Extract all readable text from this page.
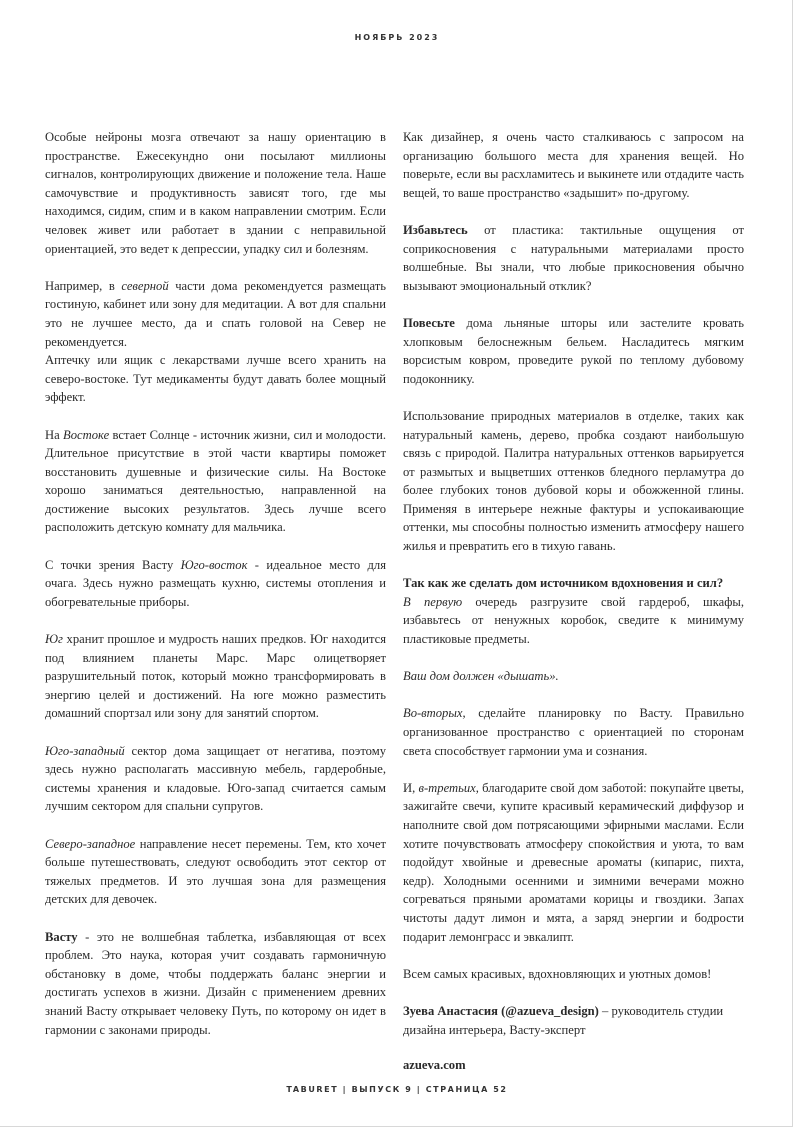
НОЯБРЬ 2023

Особые нейроны мозга отвечают за нашу ориентацию в пространстве. Ежесекундно они посылают миллионы сигналов, контролирующих движение и положение тела. Наше самочувствие и продуктивность зависят того, где мы находимся, сидим, спим и в каком направлении смотрим. Если человек живет или работает в здании с неправильной ориентацией, это ведет к депрессии, упадку сил и болезням.

Например, в северной части дома рекомендуется размещать гостиную, кабинет или зону для медитации. А вот для спальни это не лучшее место, да и спать головой на Север не рекомендуется.

Аптечку или ящик с лекарствами лучше всего хранить на северо-востоке. Тут медикаменты будут давать более мощный эффект.

На Востоке встает Солнце - источник жизни, сил и молодости. Длительное присутствие в этой части квартиры поможет восстановить душевные и физические силы. На Востоке хорошо заниматься деятельностью, направленной на достижение высоких результатов. Здесь лучше всего расположить детскую комнату для мальчика.

С точки зрения Васту Юго-восток - идеальное место для очага. Здесь нужно размещать кухню, системы отопления и обогревательные приборы.

Юг хранит прошлое и мудрость наших предков. Юг находится под влиянием планеты Марс. Марс олицетворяет разрушительный поток, который можно трансформировать в энергию целей и достижений. На юге можно разместить домашний спортзал или зону для занятий спортом.

Юго-западный сектор дома защищает от негатива, поэтому здесь нужно располагать массивную мебель, гардеробные, системы хранения и кладовые. Юго-запад считается самым лучшим сектором для спальни супругов.

Северо-западное направление несет перемены. Тем, кто хочет больше путешествовать, следуют освободить этот сектор от тяжелых предметов. И это лучшая зона для размещения детских для девочек.

Васту - это не волшебная таблетка, избавляющая от всех проблем. Это наука, которая учит создавать гармоничную обстановку в доме, чтобы поддержать баланс энергии и достигать успехов в жизни. Дизайн с применением древних знаний Васту открывает человеку Путь, по которому он идет в гармонии с законами природы.

Как дизайнер, я очень часто сталкиваюсь с запросом на организацию большого места для хранения вещей. Но поверьте, если вы расхламитесь и выкинете или отдадите часть вещей, то ваше пространство «задышит» по-другому.

Избавьтесь от пластика: тактильные ощущения от соприкосновения с натуральными материалами просто волшебные. Вы знали, что любые прикосновения обычно вызывают эмоциональный отклик?

Повесьте дома льняные шторы или застелите кровать хлопковым белоснежным бельем. Насладитесь мягким ворсистым ковром, проведите рукой по теплому дубовому подоконнику.

Использование природных материалов в отделке, таких как натуральный камень, дерево, пробка создают наибольшую связь с природой. Палитра натуральных оттенков варьируется от размытых и выцветших оттенков бледного перламутра до более глубоких тонов дубовой коры и обожженной глины. Применяя в интерьере нежные фактуры и успокаивающие оттенки, мы способны полностью изменить атмосферу нашего жилья и превратить его в тихую гавань.

Так как же сделать дом источником вдохновения и сил?

В первую очередь разгрузите свой гардероб, шкафы, избавьтесь от ненужных коробок, сведите к минимуму пластиковые предметы.

Ваш дом должен «дышать».

Во-вторых, сделайте планировку по Васту. Правильно организованное пространство с ориентацией по сторонам света способствует гармонии ума и сознания.

И, в-третьих, благодарите свой дом заботой: покупайте цветы, зажигайте свечи, купите красивый керамический диффузор и наполните свой дом потрясающими эфирными маслами. Если хотите почувствовать атмосферу спокойствия и уюта, то вам подойдут хвойные и древесные ароматы (кипарис, пихта, кедр). Холодными осенними и зимними вечерами можно согреваться пряными ароматами корицы и гвоздики. Запах чистоты дадут лимон и мята, а заряд энергии и бодрости подарит лемонграсс и эвкалипт.

Всем самых красивых, вдохновляющих и уютных домов!

Зуева Анастасия (@azueva_design) – руководитель студии дизайна интерьера, Васту-эксперт

azueva.com
TABURET | ВЫПУСК 9 | СТРАНИЦА 52
